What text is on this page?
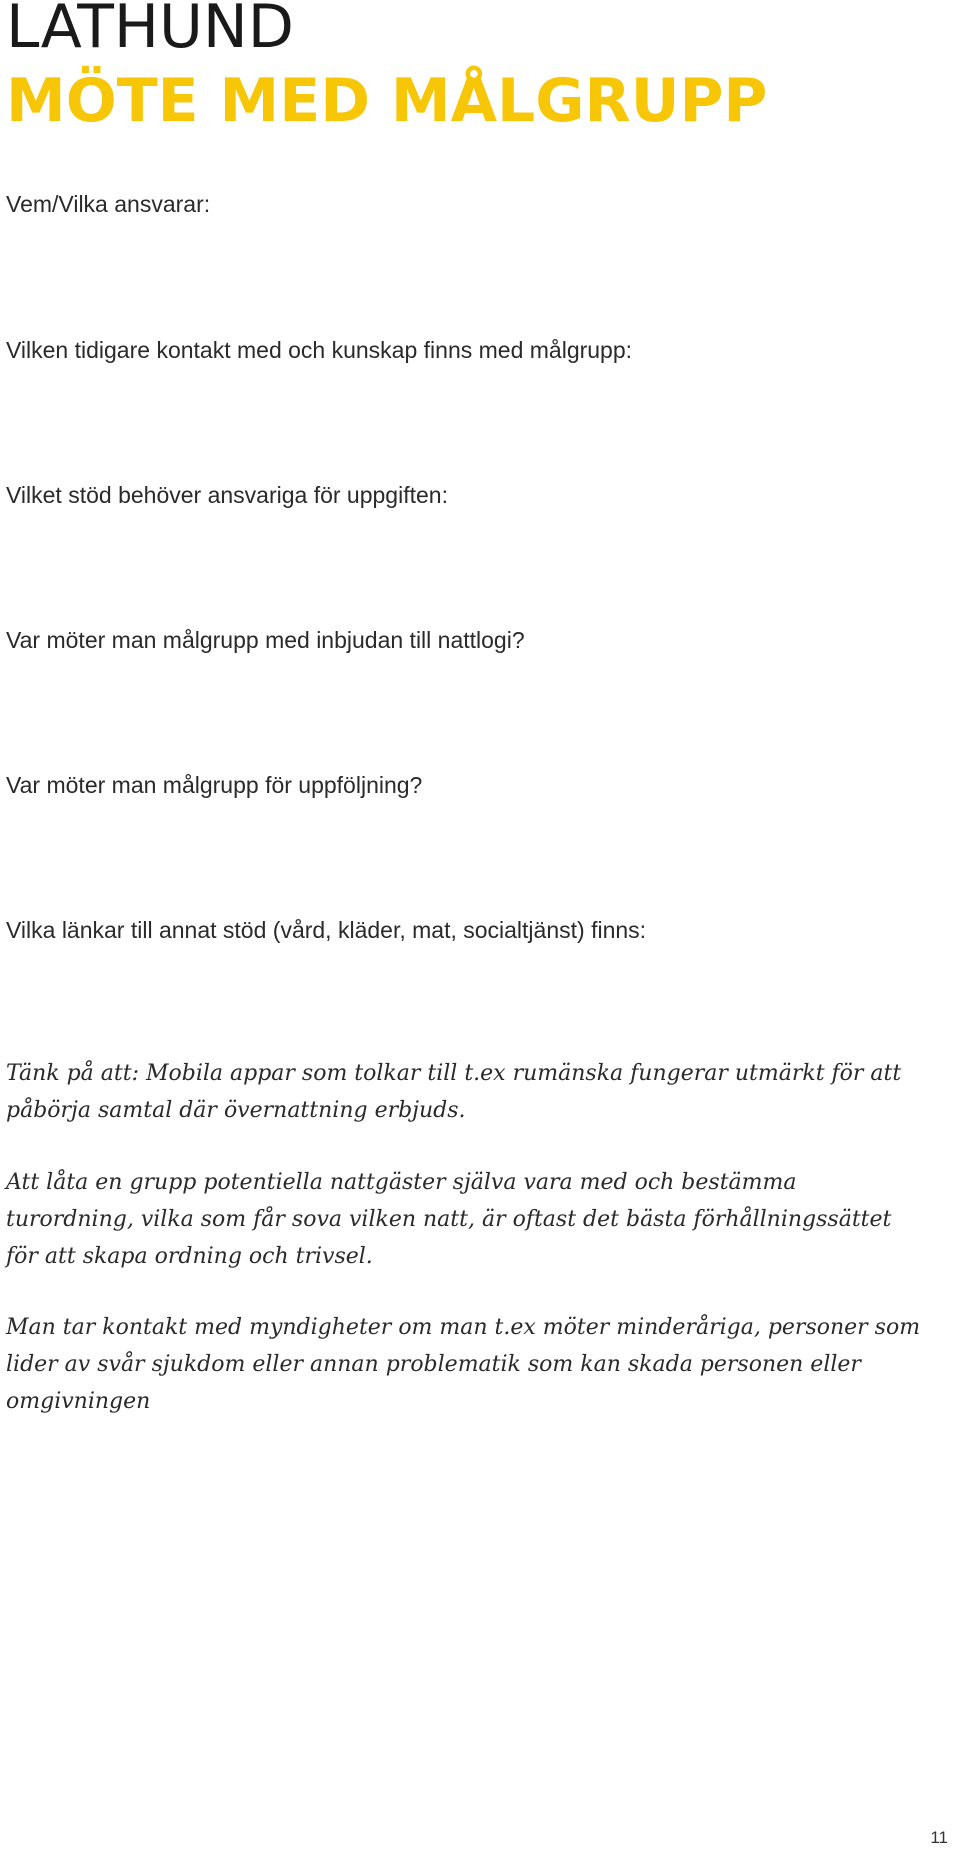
LATHUND
MÖTE MED MÅLGRUPP

Vem/Vilka ansvarar:

Vilken tidigare kontakt med och kunskap finns med målgrupp:

Vilket stöd behöver ansvariga för uppgiften:

Var möter man målgrupp med inbjudan till nattlogi?

Var möter man målgrupp för uppföljning?

Vilka länkar till annat stöd (vård, kläder, mat, socialtjänst) finns:

Tänk på att: Mobila appar som tolkar till t.ex rumänska fungerar utmärkt för att påbörja samtal där övernattning erbjuds.

Att låta en grupp potentiella nattgäster själva vara med och bestämma turordning, vilka som får sova vilken natt, är oftast det bästa förhållningssättet för att skapa ordning och trivsel.

Man tar kontakt med myndigheter om man t.ex möter minderåriga, personer som lider av svår sjukdom eller annan problematik som kan skada personen eller omgivningen

11
